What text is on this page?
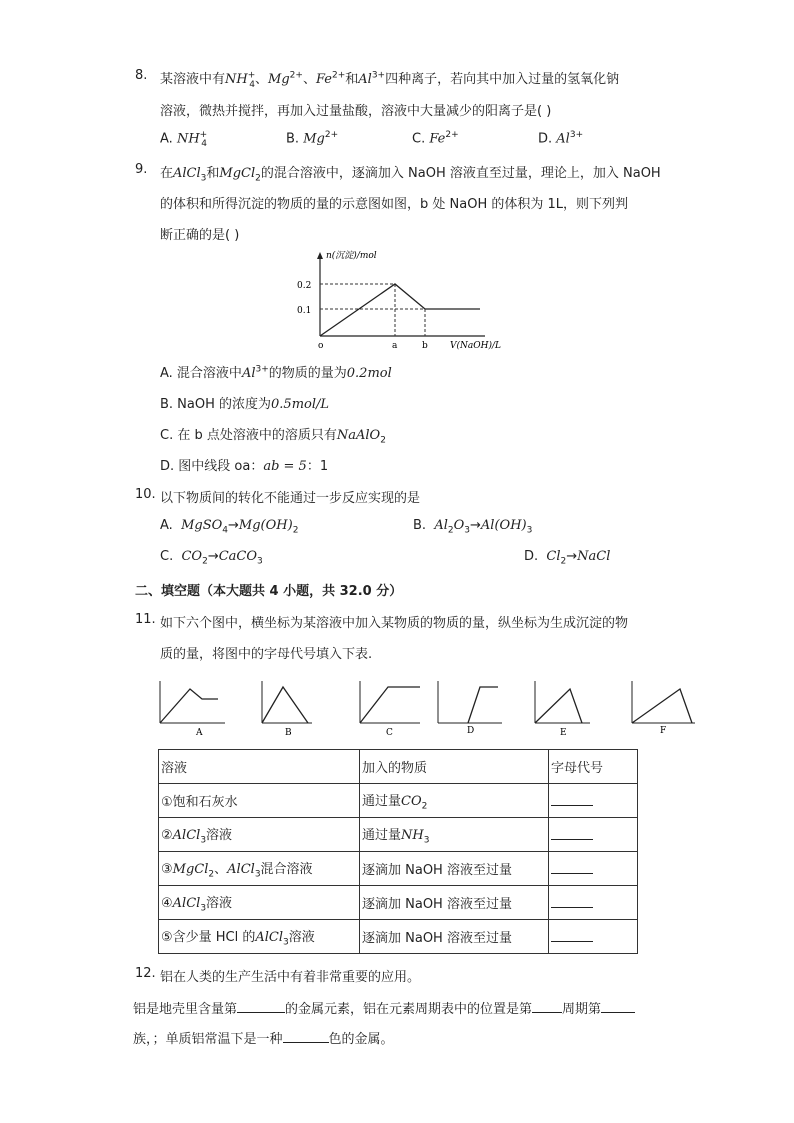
8. 某溶液中有$NH^+_4$、$Mg^{2+}$、$Fe^{2+}$和$Al^{3+}$四种离子，若向其中加入过量的氢氧化钠
溶液，微热并搅拌，再加入过量盐酸，溶液中大量减少的阳离子是( )
A. $NH^+_4$	B. $Mg^{2+}$	C. $Fe^{2+}$	D. $Al^{3+}$
9. 在AlCl$_3$和MgCl$_2$的混合溶液中，逐滴加入 NaOH 溶液直至过量，理论上，加入 NaOH
的体积和所得沉淀的物质的量的示意图如图，b 处 NaOH 的体积为 1L，则下列判
断正确的是( )
n(沉淀)/mol
0.2
0.1
o	a	b V(NaOH)/L
A. 混合溶液中$Al^{3+}$的物质的量为0.2mol
B. NaOH 的浓度为0.5mol/L
C. 在 b 点处溶液中的溶质只有NaAlO$_2$
D. 图中线段 oa：ab = 5：1
10. 以下物质间的转化不能通过一步反应实现的是
A. $MgSO_4\to Mg(OH)_2$	B. $Al_2O_3\to Al(OH)_3$
C. $CO_2\to CaCO_3$	D. $Cl_2\to NaCl$
二、填空题（本大题共 4 小题，共 32.0 分）
11. 如下六个图中，横坐标为某溶液中加入某物质的物质的量，纵坐标为生成沉淀的物
质的量，将图中的字母代号填入下表.
A	B	C	D	E	F
溶液	加入的物质	字母代号
①饱和石灰水	通过量$CO_2$	
②AlCl$_3$溶液	通过量$NH_3$	
③MgCl$_2$、AlCl$_3$混合溶液	逐滴加 NaOH 溶液至过量	
④AlCl$_3$溶液	逐滴加 NaOH 溶液至过量	
⑤含少量 HCl 的AlCl$_3$溶液	逐滴加 NaOH 溶液至过量	
12. 铝在人类的生产生活中有着非常重要的应用。
铝是地壳里含量第	的金属元素，铝在元素周期表中的位置是第 周期第
族，；单质铝常温下是一种	色的金属。
